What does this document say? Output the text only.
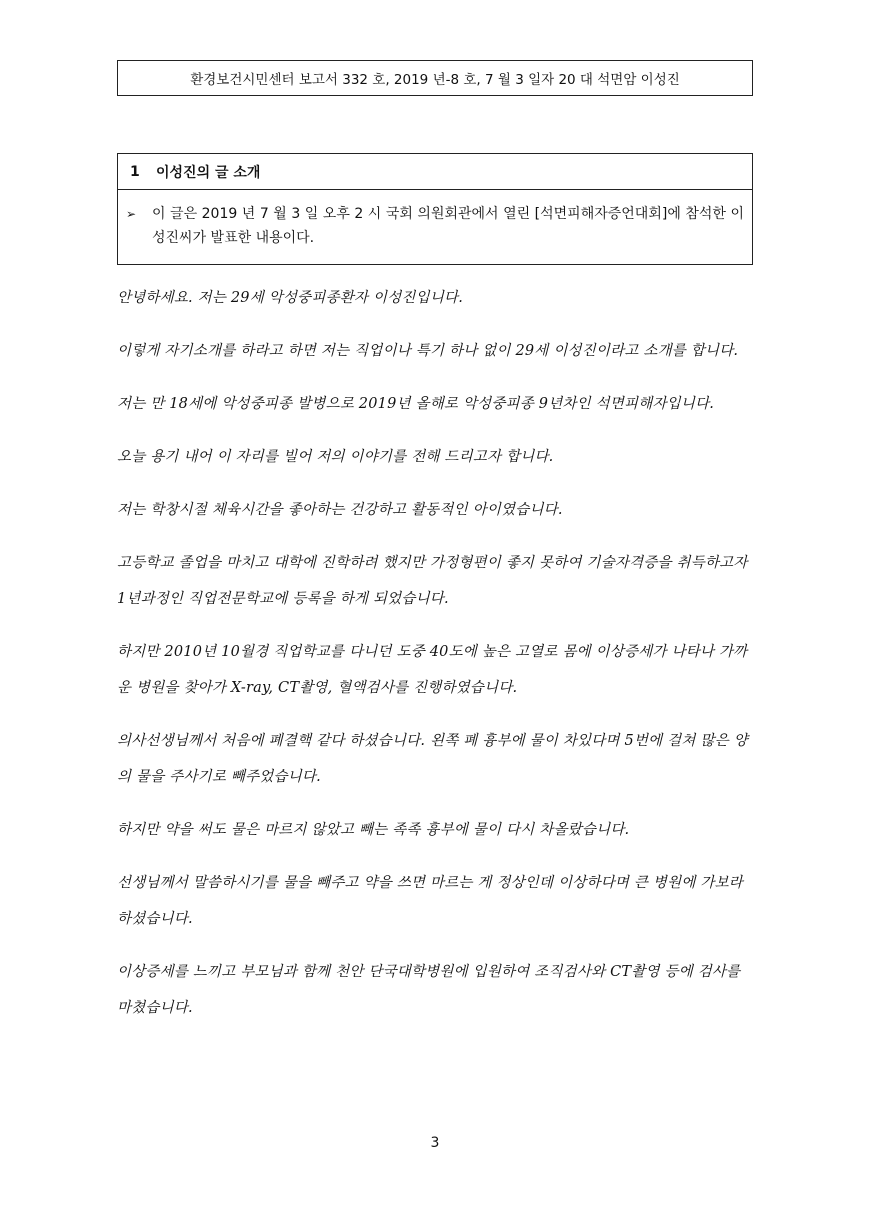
환경보건시민센터 보고서 332 호, 2019 년-8 호, 7 월 3 일자 20 대 석면암 이성진
1	이성진의 글 소개
➢	이 글은 2019 년 7 월 3 일 오후 2 시 국회 의원회관에서 열린 [석면피해자증언대회]에 참석한 이성진씨가 발표한 내용이다.

안녕하세요. 저는 29세 악성중피종환자 이성진입니다.

이렇게 자기소개를 하라고 하면 저는 직업이나 특기 하나 없이 29세 이성진이라고 소개를 합니다.

저는 만 18세에 악성중피종 발병으로 2019년 올해로 악성중피종 9년차인 석면피해자입니다.

오늘 용기 내어 이 자리를 빌어 저의 이야기를 전해 드리고자 합니다.

저는 학창시절 체육시간을 좋아하는 건강하고 활동적인 아이였습니다.

고등학교 졸업을 마치고 대학에 진학하려 했지만 가정형편이 좋지 못하여 기술자격증을 취득하고자 1년과정인 직업전문학교에 등록을 하게 되었습니다.

하지만 2010년 10월경 직업학교를 다니던 도중 40도에 높은 고열로 몸에 이상증세가 나타나 가까운 병원을 찾아가 X-ray, CT촬영, 혈액검사를 진행하였습니다.

의사선생님께서 처음에 폐결핵 같다 하셨습니다. 왼쪽 폐 흉부에 물이 차있다며 5번에 걸쳐 많은 양의 물을 주사기로 빼주었습니다.

하지만 약을 써도 물은 마르지 않았고 빼는 족족 흉부에 물이 다시 차올랐습니다.

선생님께서 말씀하시기를 물을 빼주고 약을 쓰면 마르는 게 정상인데 이상하다며 큰 병원에 가보라 하셨습니다.

이상증세를 느끼고 부모님과 함께 천안 단국대학병원에 입원하여 조직검사와 CT촬영 등에 검사를 마쳤습니다.

3
